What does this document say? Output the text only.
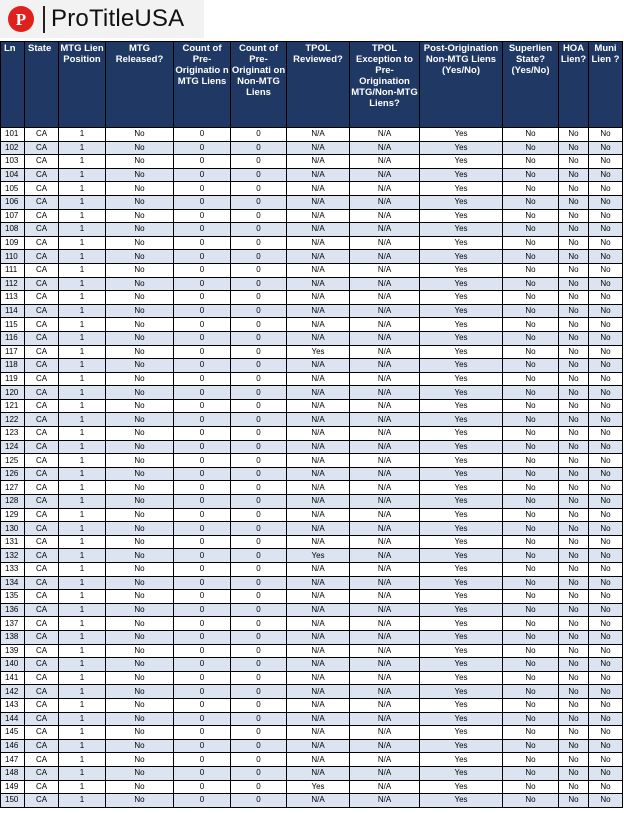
P ProTitleUSA
Ln	State	MTG Lien Position	MTG Released?	Count of Pre-Originatio n MTG Liens	Count of Pre-Originati on Non-MTG Liens	TPOL Reviewed?	TPOL Exception to Pre-Origination MTG/Non-MTG Liens?	Post-Origination Non-MTG Liens (Yes/No)	Superlien State? (Yes/No)	HOA Lien?	Muni Lien ?
101	CA	1	No	0	0	N/A	N/A	Yes	No	No	No
102	CA	1	No	0	0	N/A	N/A	Yes	No	No	No
103	CA	1	No	0	0	N/A	N/A	Yes	No	No	No
104	CA	1	No	0	0	N/A	N/A	Yes	No	No	No
105	CA	1	No	0	0	N/A	N/A	Yes	No	No	No
106	CA	1	No	0	0	N/A	N/A	Yes	No	No	No
107	CA	1	No	0	0	N/A	N/A	Yes	No	No	No
108	CA	1	No	0	0	N/A	N/A	Yes	No	No	No
109	CA	1	No	0	0	N/A	N/A	Yes	No	No	No
110	CA	1	No	0	0	N/A	N/A	Yes	No	No	No
111	CA	1	No	0	0	N/A	N/A	Yes	No	No	No
112	CA	1	No	0	0	N/A	N/A	Yes	No	No	No
113	CA	1	No	0	0	N/A	N/A	Yes	No	No	No
114	CA	1	No	0	0	N/A	N/A	Yes	No	No	No
115	CA	1	No	0	0	N/A	N/A	Yes	No	No	No
116	CA	1	No	0	0	N/A	N/A	Yes	No	No	No
117	CA	1	No	0	0	Yes	N/A	Yes	No	No	No
118	CA	1	No	0	0	N/A	N/A	Yes	No	No	No
119	CA	1	No	0	0	N/A	N/A	Yes	No	No	No
120	CA	1	No	0	0	N/A	N/A	Yes	No	No	No
121	CA	1	No	0	0	N/A	N/A	Yes	No	No	No
122	CA	1	No	0	0	N/A	N/A	Yes	No	No	No
123	CA	1	No	0	0	N/A	N/A	Yes	No	No	No
124	CA	1	No	0	0	N/A	N/A	Yes	No	No	No
125	CA	1	No	0	0	N/A	N/A	Yes	No	No	No
126	CA	1	No	0	0	N/A	N/A	Yes	No	No	No
127	CA	1	No	0	0	N/A	N/A	Yes	No	No	No
128	CA	1	No	0	0	N/A	N/A	Yes	No	No	No
129	CA	1	No	0	0	N/A	N/A	Yes	No	No	No
130	CA	1	No	0	0	N/A	N/A	Yes	No	No	No
131	CA	1	No	0	0	N/A	N/A	Yes	No	No	No
132	CA	1	No	0	0	Yes	N/A	Yes	No	No	No
133	CA	1	No	0	0	N/A	N/A	Yes	No	No	No
134	CA	1	No	0	0	N/A	N/A	Yes	No	No	No
135	CA	1	No	0	0	N/A	N/A	Yes	No	No	No
136	CA	1	No	0	0	N/A	N/A	Yes	No	No	No
137	CA	1	No	0	0	N/A	N/A	Yes	No	No	No
138	CA	1	No	0	0	N/A	N/A	Yes	No	No	No
139	CA	1	No	0	0	N/A	N/A	Yes	No	No	No
140	CA	1	No	0	0	N/A	N/A	Yes	No	No	No
141	CA	1	No	0	0	N/A	N/A	Yes	No	No	No
142	CA	1	No	0	0	N/A	N/A	Yes	No	No	No
143	CA	1	No	0	0	N/A	N/A	Yes	No	No	No
144	CA	1	No	0	0	N/A	N/A	Yes	No	No	No
145	CA	1	No	0	0	N/A	N/A	Yes	No	No	No
146	CA	1	No	0	0	N/A	N/A	Yes	No	No	No
147	CA	1	No	0	0	N/A	N/A	Yes	No	No	No
148	CA	1	No	0	0	N/A	N/A	Yes	No	No	No
149	CA	1	No	0	0	Yes	N/A	Yes	No	No	No
150	CA	1	No	0	0	N/A	N/A	Yes	No	No	No
